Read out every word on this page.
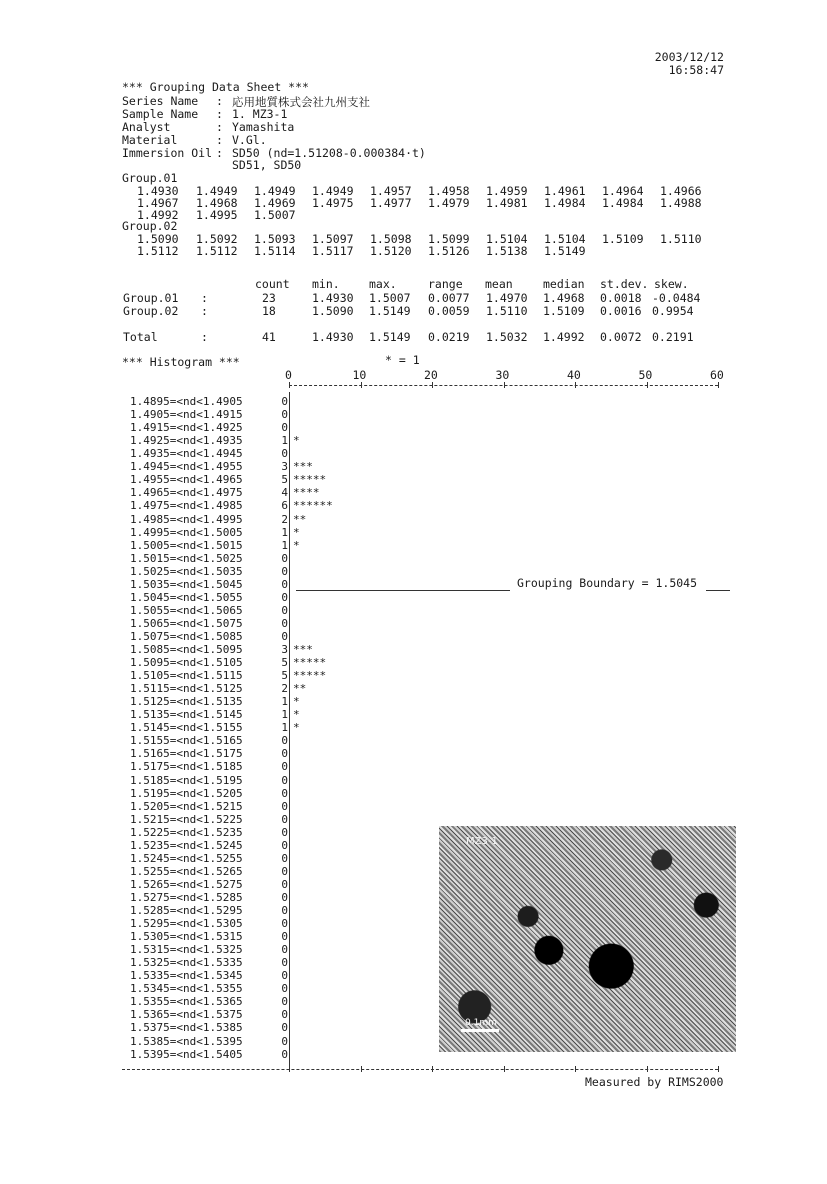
2003/12/12
16:58:47
*** Grouping Data Sheet ***
Series Name	: 応用地質株式会社九州支社
Sample Name	: 1. MZ3-1
Analyst	: Yamashita
Material	: V.Gl.
Immersion Oil : SD50 (nd=1.51208-0.000384·t)
SD51, SD50
Group.01
1.4930 1.4949 1.4949 1.4949 1.4957 1.4958 1.4959 1.4961 1.4964 1.4966
1.4967 1.4968 1.4969 1.4975 1.4977 1.4979 1.4981 1.4984 1.4984 1.4988
1.4992 1.4995 1.5007
Group.02
1.5090 1.5092 1.5093 1.5097 1.5098 1.5099 1.5104 1.5104 1.5109 1.5110
1.5112 1.5112 1.5114 1.5117 1.5120 1.5126 1.5138 1.5149
count min.	max.	range mean	median st.dev. skew.
Group.01 :	23	1.4930 1.5007 0.0077 1.4970 1.4968 0.0018 -0.0484
Group.02 :	18	1.5090 1.5149 0.0059 1.5110 1.5109 0.0016 0.9954
Total	:	41	1.4930 1.5149 0.0219 1.5032 1.4992 0.0072 0.2191
*** Histogram ***	* = 1
0	10	20	30	40	50	60
1.4895=<nd<1.4905	0
1.4905=<nd<1.4915	0
1.4915=<nd<1.4925	0
1.4925=<nd<1.4935	1 *
1.4935=<nd<1.4945	0
1.4945=<nd<1.4955	3 ***
1.4955=<nd<1.4965	5 *****
1.4965=<nd<1.4975	4 ****
1.4975=<nd<1.4985	6 ******
1.4985=<nd<1.4995	2 **
1.4995=<nd<1.5005	1 *
1.5005=<nd<1.5015	1 *
1.5015=<nd<1.5025	0
1.5025=<nd<1.5035	0
1.5035=<nd<1.5045	0
1.5045=<nd<1.5055	0
1.5055=<nd<1.5065	0
1.5065=<nd<1.5075	0
1.5075=<nd<1.5085	0
1.5085=<nd<1.5095	3 ***
1.5095=<nd<1.5105	5 *****
1.5105=<nd<1.5115	5 *****
1.5115=<nd<1.5125	2 **
1.5125=<nd<1.5135	1 *
1.5135=<nd<1.5145	1 *
1.5145=<nd<1.5155	1 *
1.5155=<nd<1.5165	0
1.5165=<nd<1.5175	0
1.5175=<nd<1.5185	0
1.5185=<nd<1.5195	0
1.5195=<nd<1.5205	0
1.5205=<nd<1.5215	0
1.5215=<nd<1.5225	0
1.5225=<nd<1.5235	0
1.5235=<nd<1.5245	0
1.5245=<nd<1.5255	0
1.5255=<nd<1.5265	0
1.5265=<nd<1.5275	0
1.5275=<nd<1.5285	0
1.5285=<nd<1.5295	0
1.5295=<nd<1.5305	0
1.5305=<nd<1.5315	0
1.5315=<nd<1.5325	0
1.5325=<nd<1.5335	0
1.5335=<nd<1.5345	0
1.5345=<nd<1.5355	0
1.5355=<nd<1.5365	0
1.5365=<nd<1.5375	0
1.5375=<nd<1.5385	0
1.5385=<nd<1.5395	0
1.5395=<nd<1.5405	0
Grouping Boundary = 1.5045
MZ3-1
0.1mm
Measured by RIMS2000
